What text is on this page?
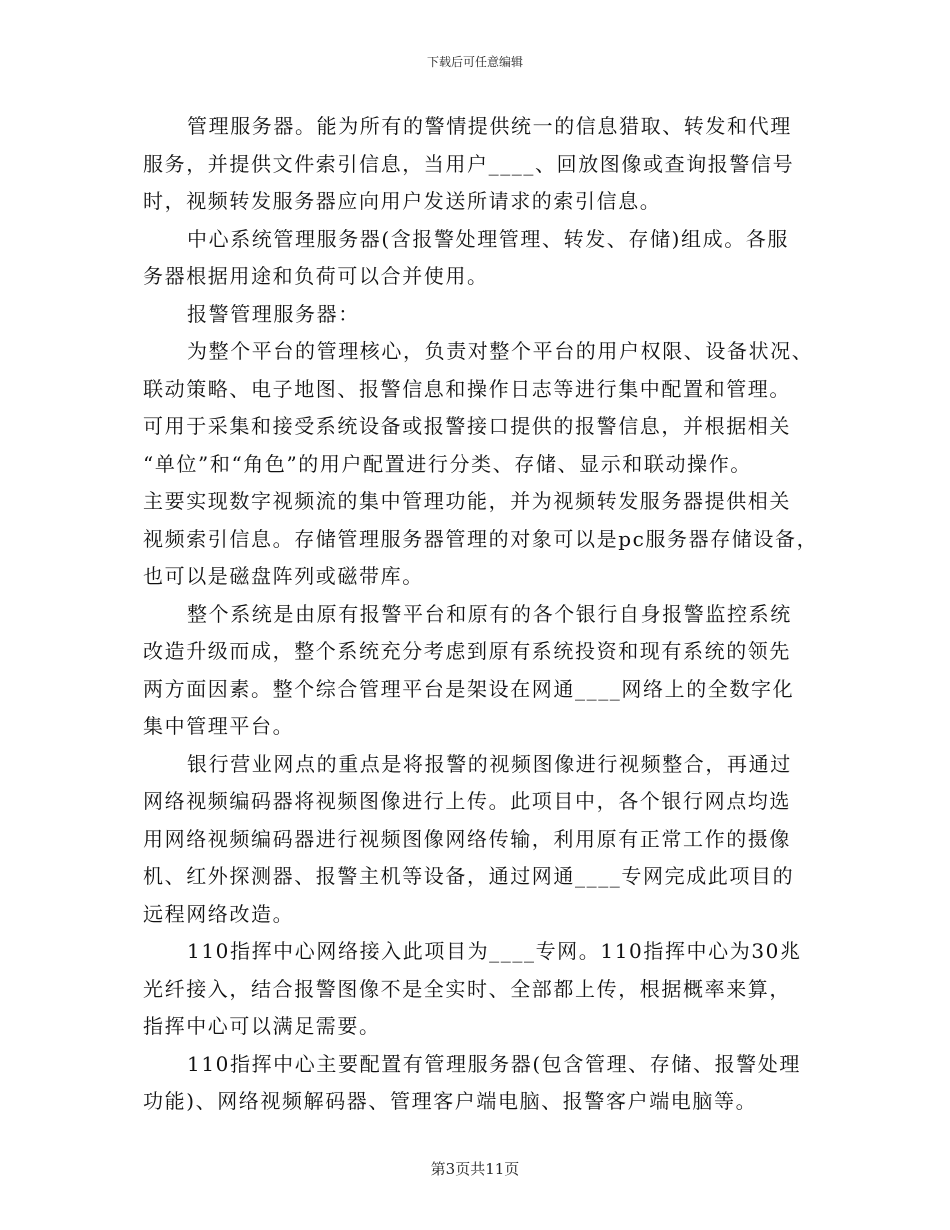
下载后可任意编辑
管理服务器。能为所有的警情提供统一的信息猎取、转发和代理
服务，并提供文件索引信息，当用户____、回放图像或查询报警信号
时，视频转发服务器应向用户发送所请求的索引信息。
中心系统管理服务器(含报警处理管理、转发、存储)组成。各服
务器根据用途和负荷可以合并使用。
报警管理服务器：
为整个平台的管理核心，负责对整个平台的用户权限、设备状况、
联动策略、电子地图、报警信息和操作日志等进行集中配置和管理。
可用于采集和接受系统设备或报警接口提供的报警信息，并根据相关
“单位”和“角色”的用户配置进行分类、存储、显示和联动操作。
主要实现数字视频流的集中管理功能，并为视频转发服务器提供相关
视频索引信息。存储管理服务器管理的对象可以是pc服务器存储设备，
也可以是磁盘阵列或磁带库。
整个系统是由原有报警平台和原有的各个银行自身报警监控系统
改造升级而成，整个系统充分考虑到原有系统投资和现有系统的领先
两方面因素。整个综合管理平台是架设在网通____网络上的全数字化
集中管理平台。
银行营业网点的重点是将报警的视频图像进行视频整合，再通过
网络视频编码器将视频图像进行上传。此项目中，各个银行网点均选
用网络视频编码器进行视频图像网络传输，利用原有正常工作的摄像
机、红外探测器、报警主机等设备，通过网通____专网完成此项目的
远程网络改造。
110指挥中心网络接入此项目为____专网。110指挥中心为30兆
光纤接入，结合报警图像不是全实时、全部都上传，根据概率来算，
指挥中心可以满足需要。
110指挥中心主要配置有管理服务器(包含管理、存储、报警处理
功能)、网络视频解码器、管理客户端电脑、报警客户端电脑等。
第3页共11页
